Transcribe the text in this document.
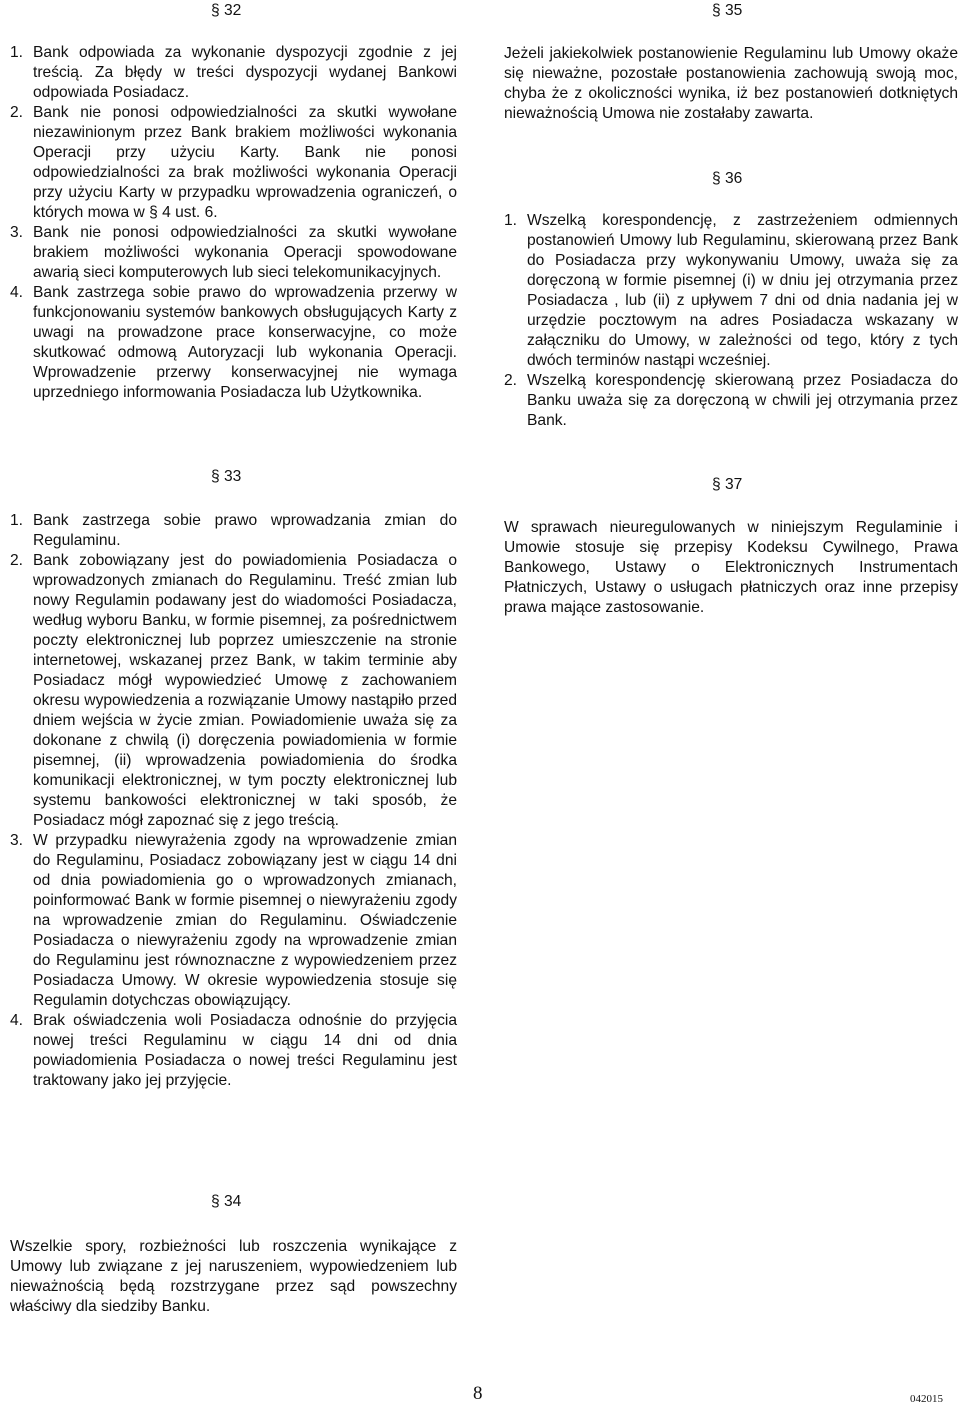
§ 32
1. Bank odpowiada za wykonanie dyspozycji zgodnie z jej treścią. Za błędy w treści dyspozycji wydanej Bankowi odpowiada Posiadacz.
2. Bank nie ponosi odpowiedzialności za skutki wywołane niezawinionym przez Bank brakiem możliwości wykonania Operacji przy użyciu Karty. Bank nie ponosi odpowiedzialności za brak możliwości wykonania Operacji przy użyciu Karty w przypadku wprowadzenia ograniczeń, o których mowa w § 4 ust. 6.
3. Bank nie ponosi odpowiedzialności za skutki wywołane brakiem możliwości wykonania Operacji spowodowane awarią sieci komputerowych lub sieci telekomunikacyjnych.
4. Bank zastrzega sobie prawo do wprowadzenia przerwy w funkcjonowaniu systemów bankowych obsługujących Karty z uwagi na prowadzone prace konserwacyjne, co może skutkować odmową Autoryzacji lub wykonania Operacji. Wprowadzenie przerwy konserwacyjnej nie wymaga uprzedniego informowania Posiadacza lub Użytkownika.
§ 33
1. Bank zastrzega sobie prawo wprowadzania zmian do Regulaminu.
2. Bank zobowiązany jest do powiadomienia Posiadacza o wprowadzonych zmianach do Regulaminu. Treść zmian lub nowy Regulamin podawany jest do wiadomości Posiadacza, według wyboru Banku, w formie pisemnej, za pośrednictwem poczty elektronicznej lub poprzez umieszczenie na stronie internetowej, wskazanej przez Bank, w takim terminie aby Posiadacz mógł wypowiedzieć Umowę z zachowaniem okresu wypowiedzenia a rozwiązanie Umowy nastąpiło przed dniem wejścia w życie zmian. Powiadomienie uważa się za dokonane z chwilą (i) doręczenia powiadomienia w formie pisemnej, (ii) wprowadzenia powiadomienia do środka komunikacji elektronicznej, w tym poczty elektronicznej lub systemu bankowości elektronicznej w taki sposób, że Posiadacz mógł zapoznać się z jego treścią.
3. W przypadku niewyrażenia zgody na wprowadzenie zmian do Regulaminu, Posiadacz zobowiązany jest w ciągu 14 dni od dnia powiadomienia go o wprowadzonych zmianach, poinformować Bank w formie pisemnej o niewyrażeniu zgody na wprowadzenie zmian do Regulaminu. Oświadczenie Posiadacza o niewyrażeniu zgody na wprowadzenie zmian do Regulaminu jest równoznaczne z wypowiedzeniem przez Posiadacza Umowy. W okresie wypowiedzenia stosuje się Regulamin dotychczas obowiązujący.
4. Brak oświadczenia woli Posiadacza odnośnie do przyjęcia nowej treści Regulaminu w ciągu 14 dni od dnia powiadomienia Posiadacza o nowej treści Regulaminu jest traktowany jako jej przyjęcie.
§ 34

Wszelkie spory, rozbieżności lub roszczenia wynikające z Umowy lub związane z jej naruszeniem, wypowiedzeniem lub nieważnością będą rozstrzygane przez sąd powszechny właściwy dla siedziby Banku.

§ 35

Jeżeli jakiekolwiek postanowienie Regulaminu lub Umowy okaże się nieważne, pozostałe postanowienia zachowują swoją moc, chyba że z okoliczności wynika, iż bez postanowień dotkniętych nieważnością Umowa nie zostałaby zawarta.

§ 36
1. Wszelką korespondencję, z zastrzeżeniem odmiennych postanowień Umowy lub Regulaminu, skierowaną przez Bank do Posiadacza przy wykonywaniu Umowy, uważa się za doręczoną w formie pisemnej (i) w dniu jej otrzymania przez Posiadacza , lub (ii) z upływem 7 dni od dnia nadania jej w urzędzie pocztowym na adres Posiadacza wskazany w załączniku do Umowy, w zależności od tego, który z tych dwóch terminów nastąpi wcześniej.
2. Wszelką korespondencję skierowaną przez Posiadacza do Banku uważa się za doręczoną w chwili jej otrzymania przez Bank.
§ 37

W sprawach nieuregulowanych w niniejszym Regulaminie i Umowie stosuje się przepisy Kodeksu Cywilnego, Prawa Bankowego, Ustawy o Elektronicznych Instrumentach Płatniczych, Ustawy o usługach płatniczych oraz inne przepisy prawa mające zastosowanie.

8	042015
